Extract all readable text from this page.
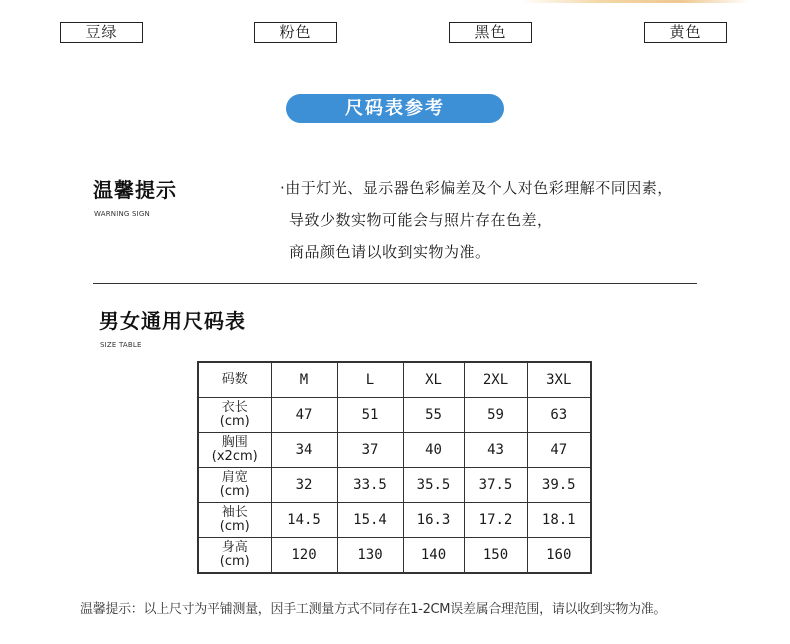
豆绿	粉色	黑色	黄色
尺码表参考
温馨提示
WARNING SIGN
·由于灯光、显示器色彩偏差及个人对色彩理解不同因素，
导致少数实物可能会与照片存在色差，
商品颜色请以收到实物为准。
男女通用尺码表
SIZE TABLE
码数	M	L	XL	2XL	3XL
衣长
(cm)	47	51	55	59	63
胸围
(x2cm)	34	37	40	43	47
肩宽
(cm)	32	33.5	35.5	37.5	39.5
袖长
(cm)	14.5	15.4	16.3	17.2	18.1
身高
(cm)	120	130	140	150	160
温馨提示：以上尺寸为平铺测量，因手工测量方式不同存在1-2CM误差属合理范围，请以收到实物为准。
